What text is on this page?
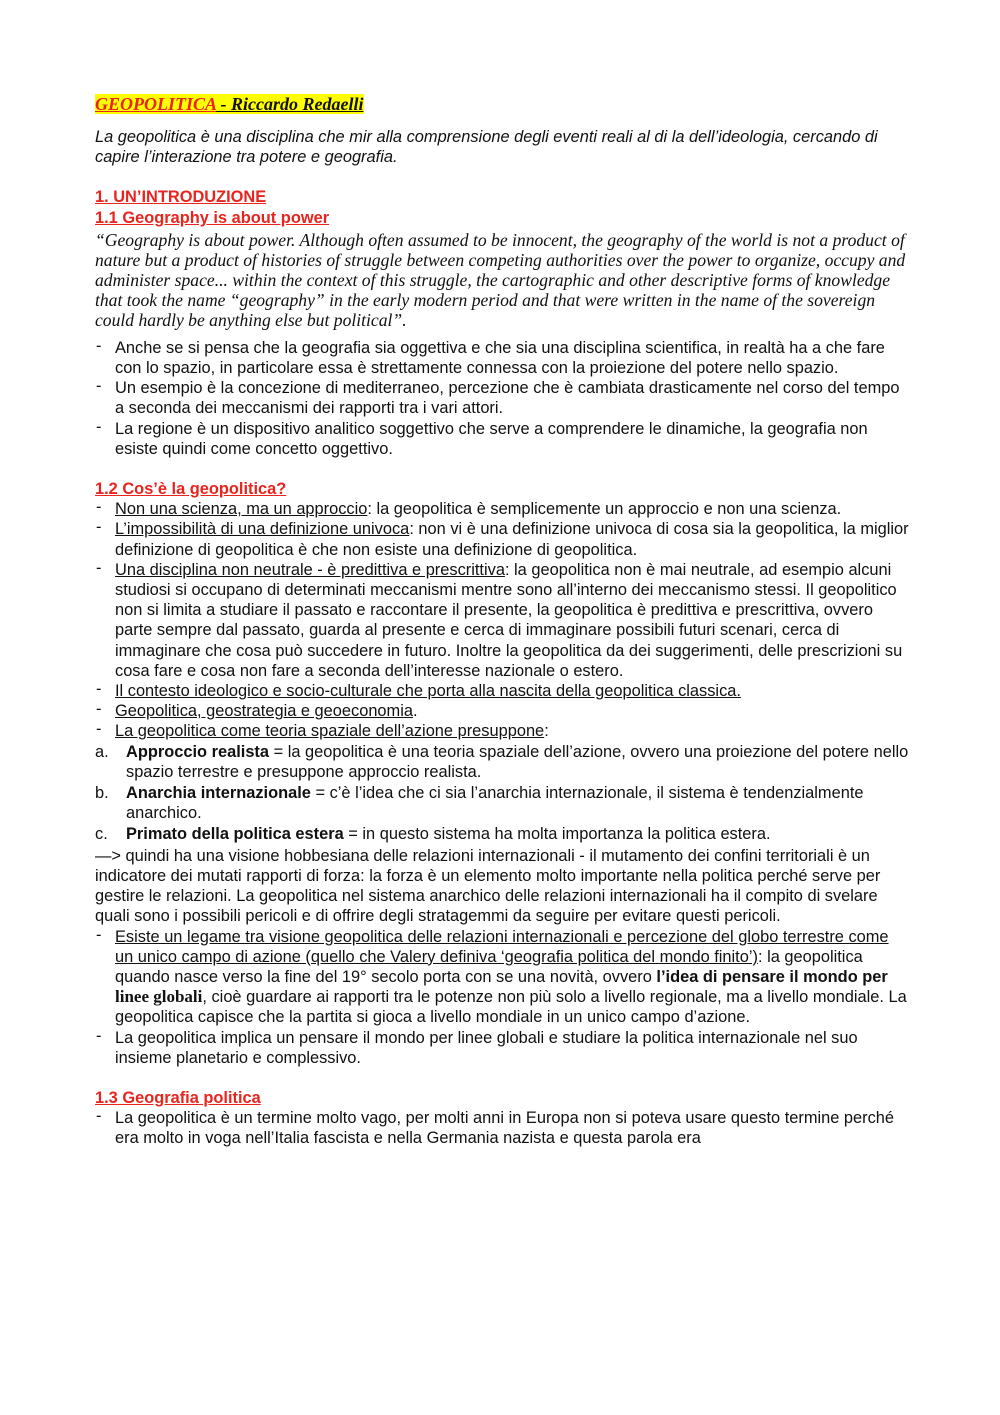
GEOPOLITICA - Riccardo Redaelli

La geopolitica è una disciplina che mir alla comprensione degli eventi reali al di la dell’ideologia, cercando di capire l’interazione tra potere e geografia.

1. UN’INTRODUZIONE

1.1 Geography is about power

“Geography is about power. Although often assumed to be innocent, the geography of the world is not a product of nature but a product of histories of struggle between competing authorities over the power to organize, occupy and administer space... within the context of this struggle, the cartographic and other descriptive forms of knowledge that took the name “geography” in the early modern period and that were written in the name of the sovereign could hardly be anything else but political”.

- Anche se si pensa che la geografia sia oggettiva e che sia una disciplina scientifica, in realtà ha a che fare con lo spazio, in particolare essa è strettamente connessa con la proiezione del potere nello spazio.
- Un esempio è la concezione di mediterraneo, percezione che è cambiata drasticamente nel corso del tempo a seconda dei meccanismi dei rapporti tra i vari attori.
- La regione è un dispositivo analitico soggettivo che serve a comprendere le dinamiche, la geografia non esiste quindi come concetto oggettivo.

1.2 Cos’è la geopolitica?

- Non una scienza, ma un approccio: la geopolitica è semplicemente un approccio e non una scienza.
- L’impossibilità di una definizione univoca: non vi è una definizione univoca di cosa sia la geopolitica, la miglior definizione di geopolitica è che non esiste una definizione di geopolitica.
- Una disciplina non neutrale - è predittiva e prescrittiva: la geopolitica non è mai neutrale, ad esempio alcuni studiosi si occupano di determinati meccanismi mentre sono all’interno dei meccanismo stessi. Il geopolitico non si limita a studiare il passato e raccontare il presente, la geopolitica è predittiva e prescrittiva, ovvero parte sempre dal passato, guarda al presente e cerca di immaginare possibili futuri scenari, cerca di immaginare che cosa può succedere in futuro. Inoltre la geopolitica da dei suggerimenti, delle prescrizioni su cosa fare e cosa non fare a seconda dell’interesse nazionale o estero.
- Il contesto ideologico e socio-culturale che porta alla nascita della geopolitica classica.
- Geopolitica, geostrategia e geoeconomia.
- La geopolitica come teoria spaziale dell’azione presuppone:
a. Approccio realista = la geopolitica è una teoria spaziale dell’azione, ovvero una proiezione del potere nello spazio terrestre e presuppone approccio realista.
b. Anarchia internazionale = c’è l’idea che ci sia l’anarchia internazionale, il sistema è tendenzialmente anarchico.
c. Primato della politica estera = in questo sistema ha molta importanza la politica estera.

—> quindi ha una visione hobbesiana delle relazioni internazionali - il mutamento dei confini territoriali è un indicatore dei mutati rapporti di forza: la forza è un elemento molto importante nella politica perché serve per gestire le relazioni. La geopolitica nel sistema anarchico delle relazioni internazionali ha il compito di svelare quali sono i possibili pericoli e di offrire degli stratagemmi da seguire per evitare questi pericoli.

- Esiste un legame tra visione geopolitica delle relazioni internazionali e percezione del globo terrestre come un unico campo di azione (quello che Valery definiva ‘geografia politica del mondo finito’): la geopolitica quando nasce verso la fine del 19° secolo porta con se una novità, ovvero l’idea di pensare il mondo per linee globali, cioè guardare ai rapporti tra le potenze non più solo a livello regionale, ma a livello mondiale. La geopolitica capisce che la partita si gioca a livello mondiale in un unico campo d’azione.
- La geopolitica implica un pensare il mondo per linee globali e studiare la politica internazionale nel suo insieme planetario e complessivo.

1.3 Geografia politica

- La geopolitica è un termine molto vago, per molti anni in Europa non si poteva usare questo termine perché era molto in voga nell’Italia fascista e nella Germania nazista e questa parola era
